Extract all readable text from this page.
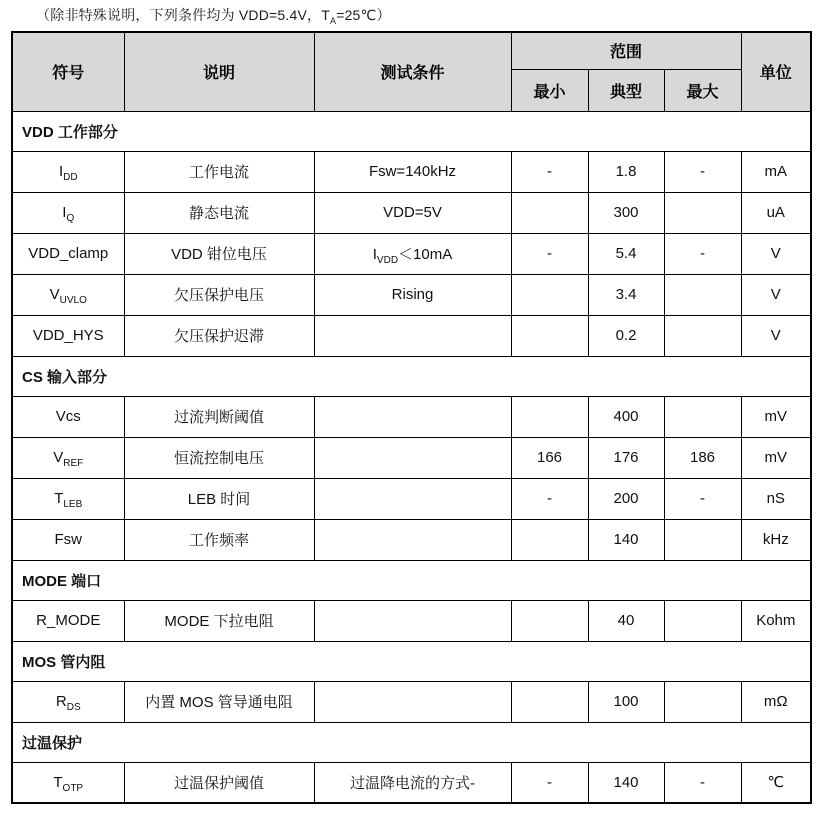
（除非特殊说明，下列条件均为 VDD=5.4V，$T_A=25℃$）
符号	说明	测试条件	范围			单位
			最小	典型	最大	
VDD 工作部分						
$I_{DD}$	工作电流	Fsw=140kHz	-	1.8	-	mA
$I_Q$	静态电流	VDD=5V		300		uA
VDD_clamp	VDD 钳位电压	$I_{VDD}<10mA$	-	5.4	-	V
$V_{UVLO}$	欠压保护电压	Rising		3.4		V
VDD_HYS	欠压保护迟滞			0.2		V
CS 输入部分						
Vcs	过流判断阈值			400		mV
$V_{REF}$	恒流控制电压		166	176	186	mV
$T_{LEB}$	LEB 时间		-	200	-	nS
Fsw	工作频率			140		kHz
MODE 端口						
R_MODE	MODE 下拉电阻			40		Kohm
MOS 管内阻						
$R_{DS}$	内置 MOS 管导通电阻			100		mΩ
过温保护						
$T_{OTP}$	过温保护阈值	过温降电流的方式-	-	140	-	℃
